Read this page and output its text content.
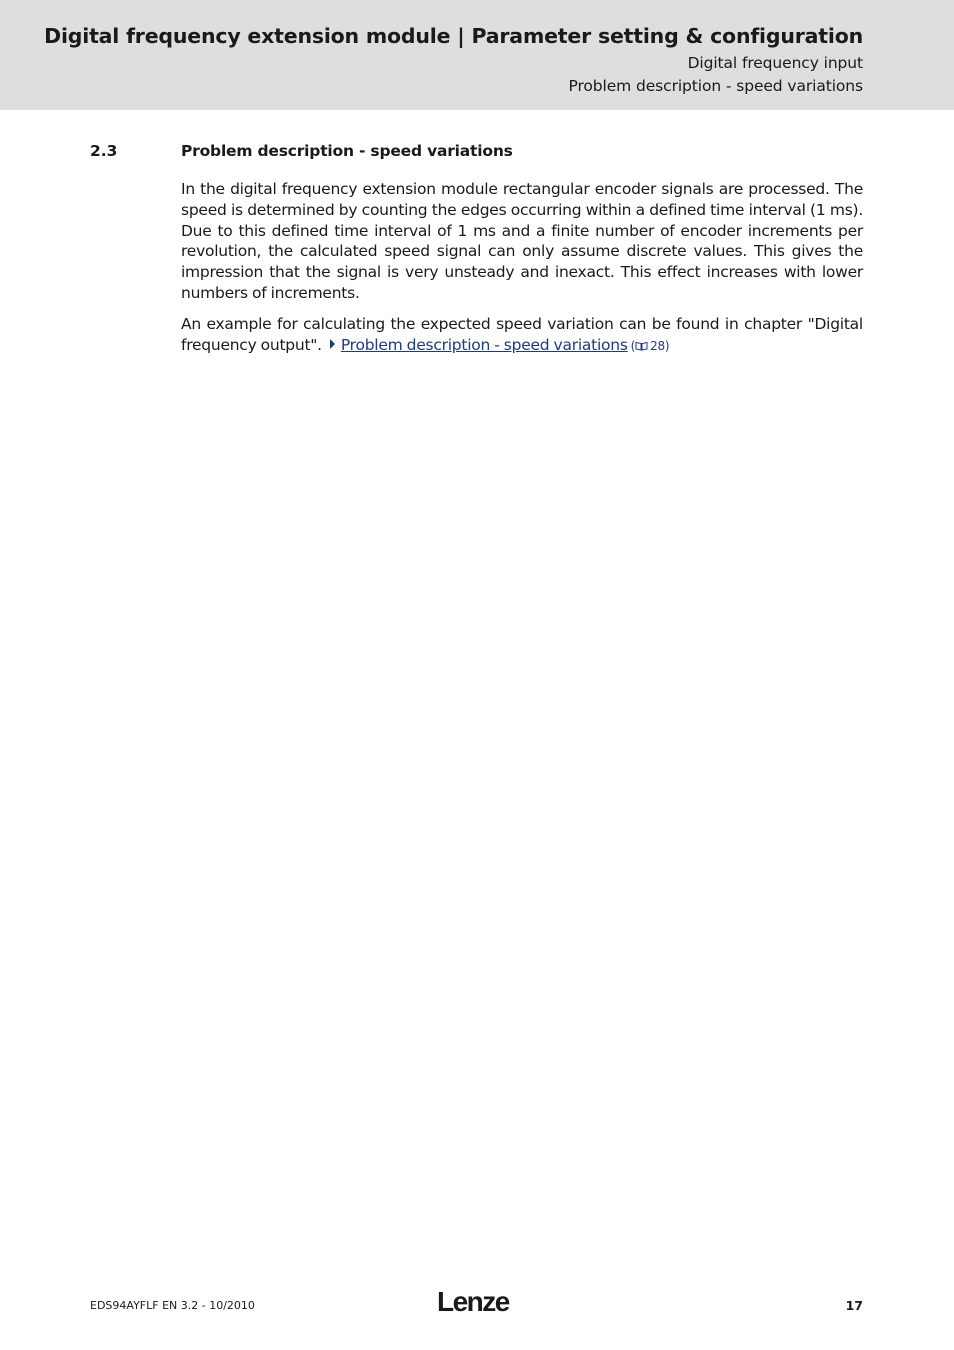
Digital frequency extension module | Parameter setting & configuration
Digital frequency input
Problem description - speed variations
2.3	Problem description - speed variations
In the digital frequency extension module rectangular encoder signals are processed. The speed is determined by counting the edges occurring within a defined time interval (1 ms). Due to this defined time interval of 1 ms and a finite number of encoder increments per revolution, the calculated speed signal can only assume discrete values. This gives the impression that the signal is very unsteady and inexact. This effect increases with lower numbers of increments.
An example for calculating the expected speed variation can be found in chapter "Digital frequency output". Problem description - speed variations ( 28)
EDS94AYFLF EN 3.2 - 10/2010	Lenze	17
